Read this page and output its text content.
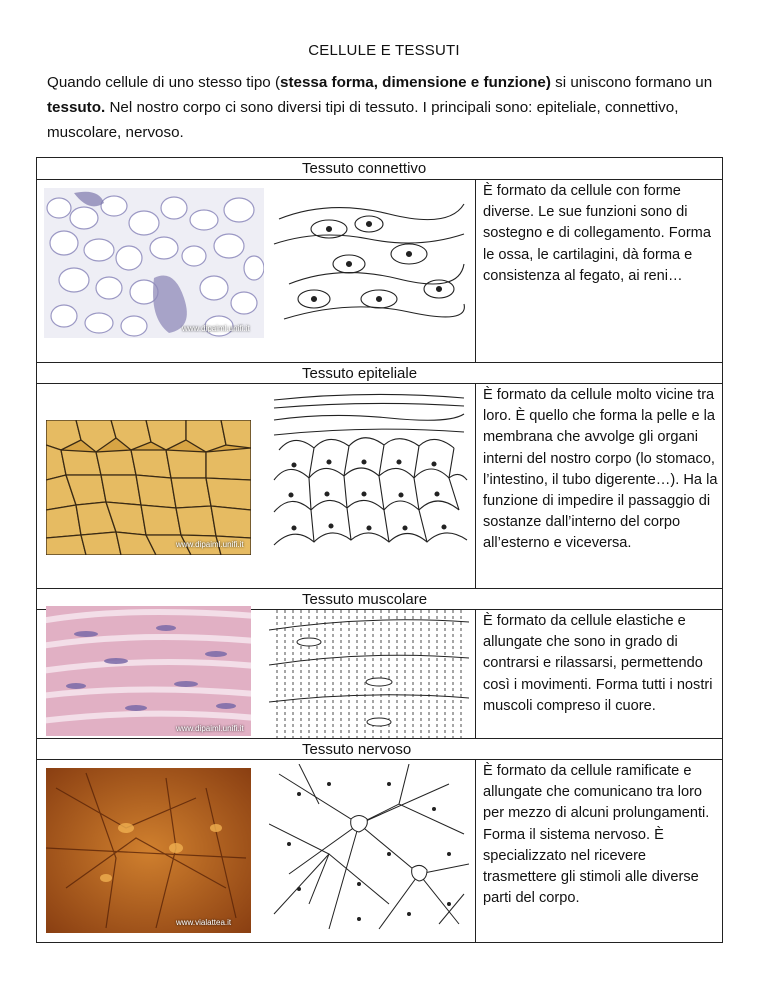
CELLULE E TESSUTI
Quando cellule di uno stesso tipo (stessa forma, dimensione e funzione) si uniscono formano un tessuto. Nel nostro corpo ci sono diversi tipi di tessuto. I principali sono: epiteliale, connettivo, muscolare, nervoso.
Tessuto connettivo
È formato da cellule con forme diverse. Le sue funzioni sono di sostegno e di collegamento. Forma le ossa, le cartilagini, dà forma e consistenza al fegato, ai reni…
www.dipaiml.unifi.it
Tessuto epiteliale
È formato da cellule molto vicine tra loro. È quello che forma la pelle e la membrana che avvolge gli organi interni del nostro corpo (lo stomaco, l’intestino, il tubo digerente…). Ha la funzione di impedire il passaggio di sostanze dall’interno del corpo all’esterno e viceversa.
www.dipaiml.unifi.it
Tessuto muscolare
È formato da cellule elastiche e allungate che sono in grado di contrarsi e rilassarsi, permettendo così i movimenti. Forma tutti i nostri muscoli compreso il cuore.
www.dipaiml.unifi.it
Tessuto nervoso
È formato da cellule ramificate e allungate che comunicano tra loro per mezzo di alcuni prolungamenti. Forma il sistema nervoso. È specializzato nel ricevere trasmettere gli stimoli alle diverse parti del corpo.
www.vialattea.it
